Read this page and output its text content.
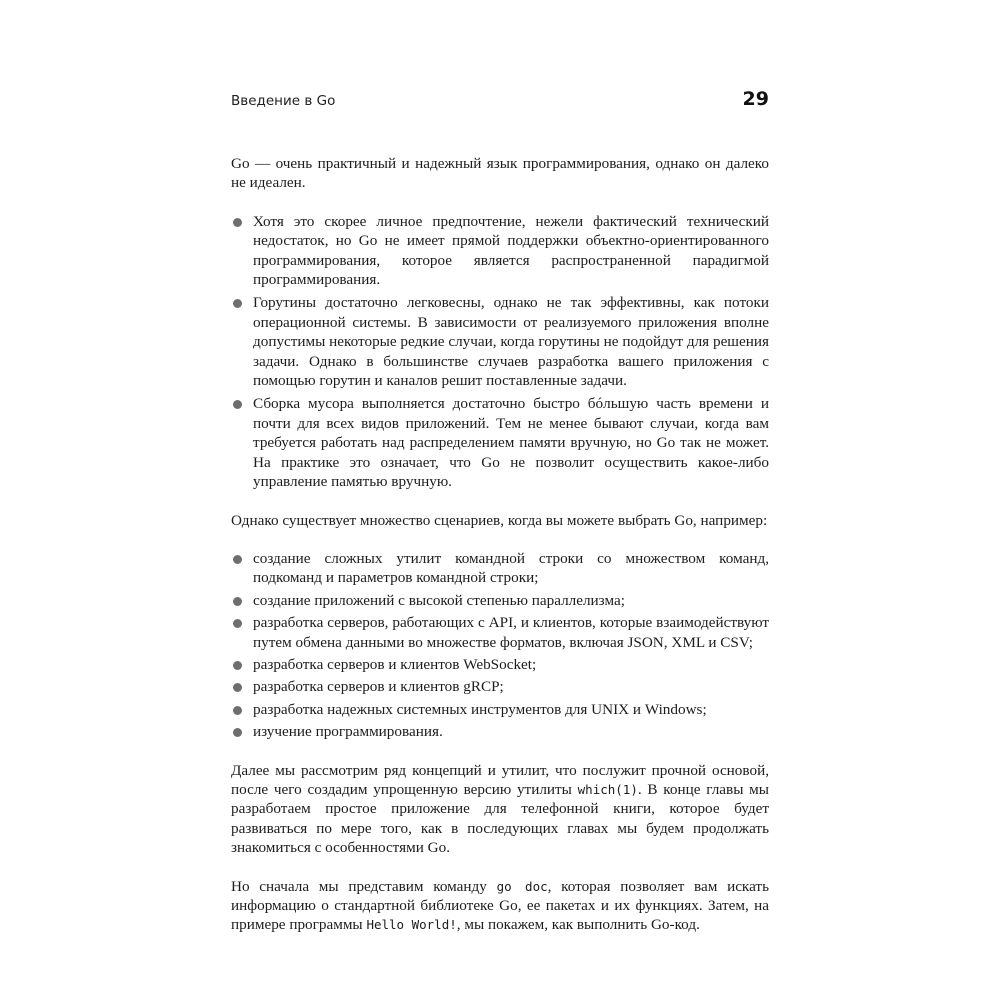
Введение в Go	29

Go — очень практичный и надежный язык программирования, однако он далеко не идеален.

Хотя это скорее личное предпочтение, нежели фактический технический недостаток, но Go не имеет прямой поддержки объектно-ориентированного программирования, которое является распространенной парадигмой программирования.
Горутины достаточно легковесны, однако не так эффективны, как потоки операционной системы. В зависимости от реализуемого приложения вполне допустимы некоторые редкие случаи, когда горутины не подойдут для решения задачи. Однако в большинстве случаев разработка вашего приложения с помощью горутин и каналов решит поставленные задачи.
Сборка мусора выполняется достаточно быстро бóльшую часть времени и почти для всех видов приложений. Тем не менее бывают случаи, когда вам требуется работать над распределением памяти вручную, но Go так не может. На практике это означает, что Go не позволит осуществить какое-либо управление памятью вручную.

Однако существует множество сценариев, когда вы можете выбрать Go, например:

создание сложных утилит командной строки со множеством команд, подкоманд и параметров командной строки;
создание приложений с высокой степенью параллелизма;
разработка серверов, работающих с API, и клиентов, которые взаимодействуют путем обмена данными во множестве форматов, включая JSON, XML и CSV;
разработка серверов и клиентов WebSocket;
разработка серверов и клиентов gRCP;
разработка надежных системных инструментов для UNIX и Windows;
изучение программирования.

Далее мы рассмотрим ряд концепций и утилит, что послужит прочной основой, после чего создадим упрощенную версию утилиты which(1). В конце главы мы разработаем простое приложение для телефонной книги, которое будет развиваться по мере того, как в последующих главах мы будем продолжать знакомиться с особенностями Go.

Но сначала мы представим команду go doc, которая позволяет вам искать информацию о стандартной библиотеке Go, ее пакетах и их функциях. Затем, на примере программы Hello World!, мы покажем, как выполнить Go-код.
